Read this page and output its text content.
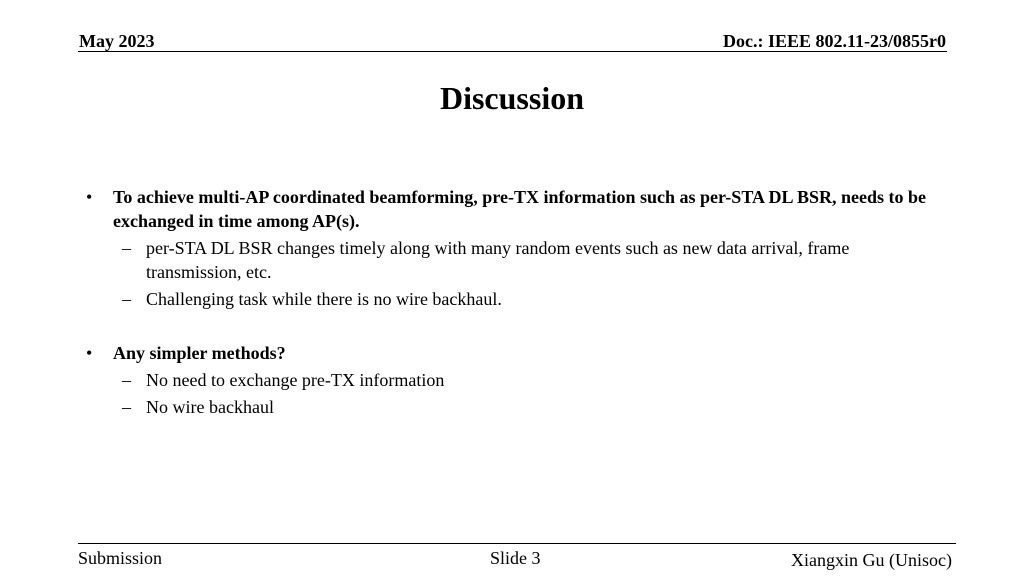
May 2023	Doc.: IEEE 802.11-23/0855r0
Discussion
• To achieve multi-AP coordinated beamforming, pre-TX information such as per-STA DL BSR, needs to be exchanged in time among AP(s).
– per-STA DL BSR changes timely along with many random events such as new data arrival, frame transmission, etc.
– Challenging task while there is no wire backhaul.
• Any simpler methods?
– No need to exchange pre-TX information
– No wire backhaul
Submission	Slide 3	Xiangxin Gu (Unisoc)
